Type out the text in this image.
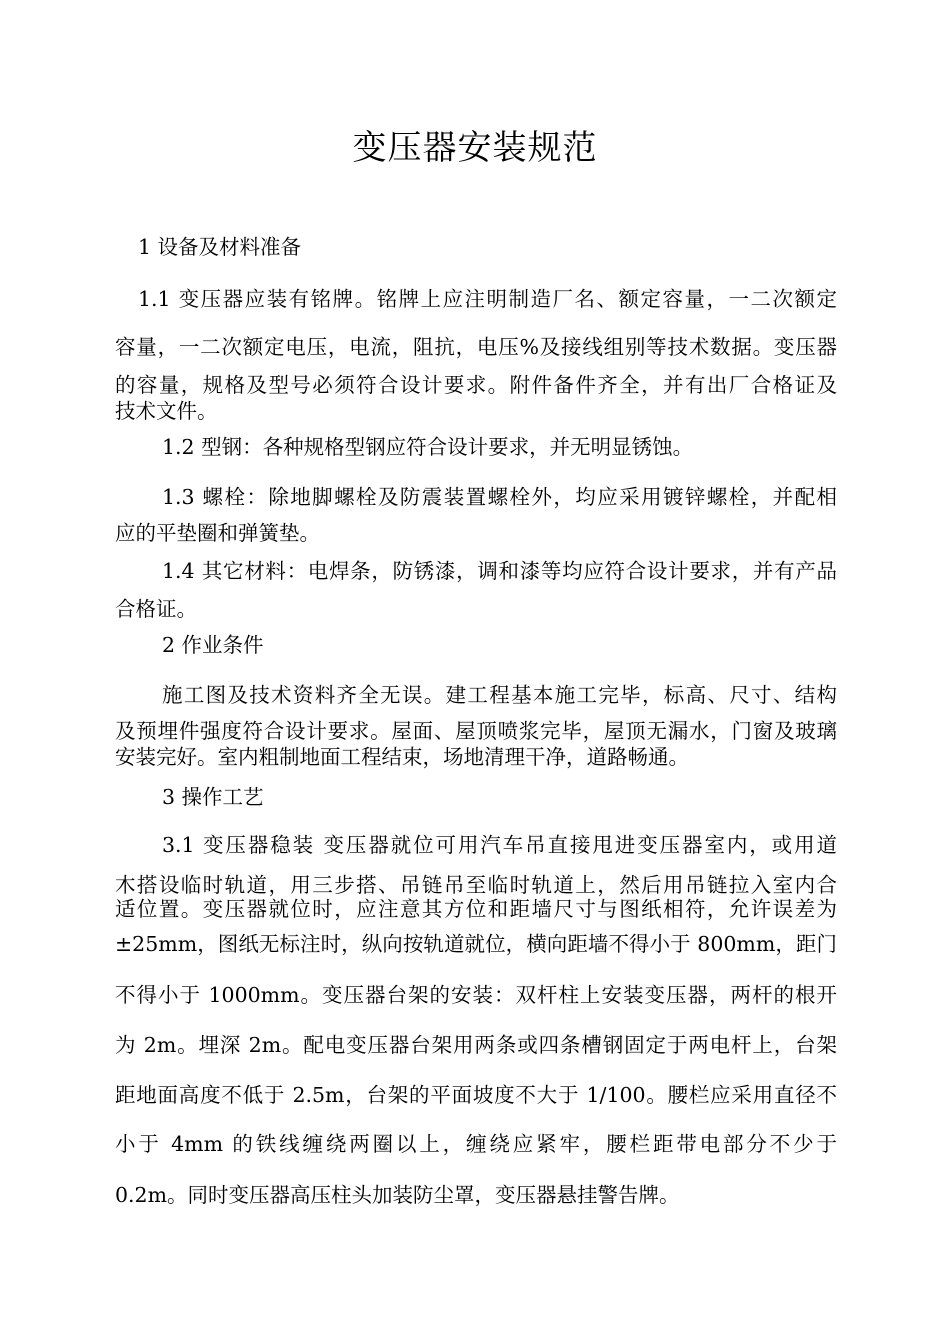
变压器安装规范
1 设备及材料准备
1.1 变压器应装有铭牌。铭牌上应注明制造厂名、额定容量，一二次额定
容量，一二次额定电压，电流，阻抗，电压%及接线组别等技术数据。变压器
的容量，规格及型号必须符合设计要求。附件备件齐全，并有出厂合格证及
技术文件。
1.2 型钢：各种规格型钢应符合设计要求，并无明显锈蚀。
1.3 螺栓：除地脚螺栓及防震装置螺栓外，均应采用镀锌螺栓，并配相
应的平垫圈和弹簧垫。
1.4 其它材料：电焊条，防锈漆，调和漆等均应符合设计要求，并有产品
合格证。
2 作业条件
施工图及技术资料齐全无误。建工程基本施工完毕，标高、尺寸、结构
及预埋件强度符合设计要求。屋面、屋顶喷浆完毕，屋顶无漏水，门窗及玻璃
安装完好。室内粗制地面工程结束，场地清理干净，道路畅通。
3 操作工艺
3.1 变压器稳装 变压器就位可用汽车吊直接甩进变压器室内，或用道
木搭设临时轨道，用三步搭、吊链吊至临时轨道上，然后用吊链拉入室内合
适位置。变压器就位时，应注意其方位和距墙尺寸与图纸相符，允许误差为
±25mm，图纸无标注时，纵向按轨道就位，横向距墙不得小于 800mm，距门
不得小于 1000mm。变压器台架的安装：双杆柱上安装变压器，两杆的根开
为 2m。埋深 2m。配电变压器台架用两条或四条槽钢固定于两电杆上，台架
距地面高度不低于 2.5m，台架的平面坡度不大于 1/100。腰栏应采用直径不
小于 4mm 的铁线缠绕两圈以上，缠绕应紧牢，腰栏距带电部分不少于
0.2m。同时变压器高压柱头加装防尘罩，变压器悬挂警告牌。
